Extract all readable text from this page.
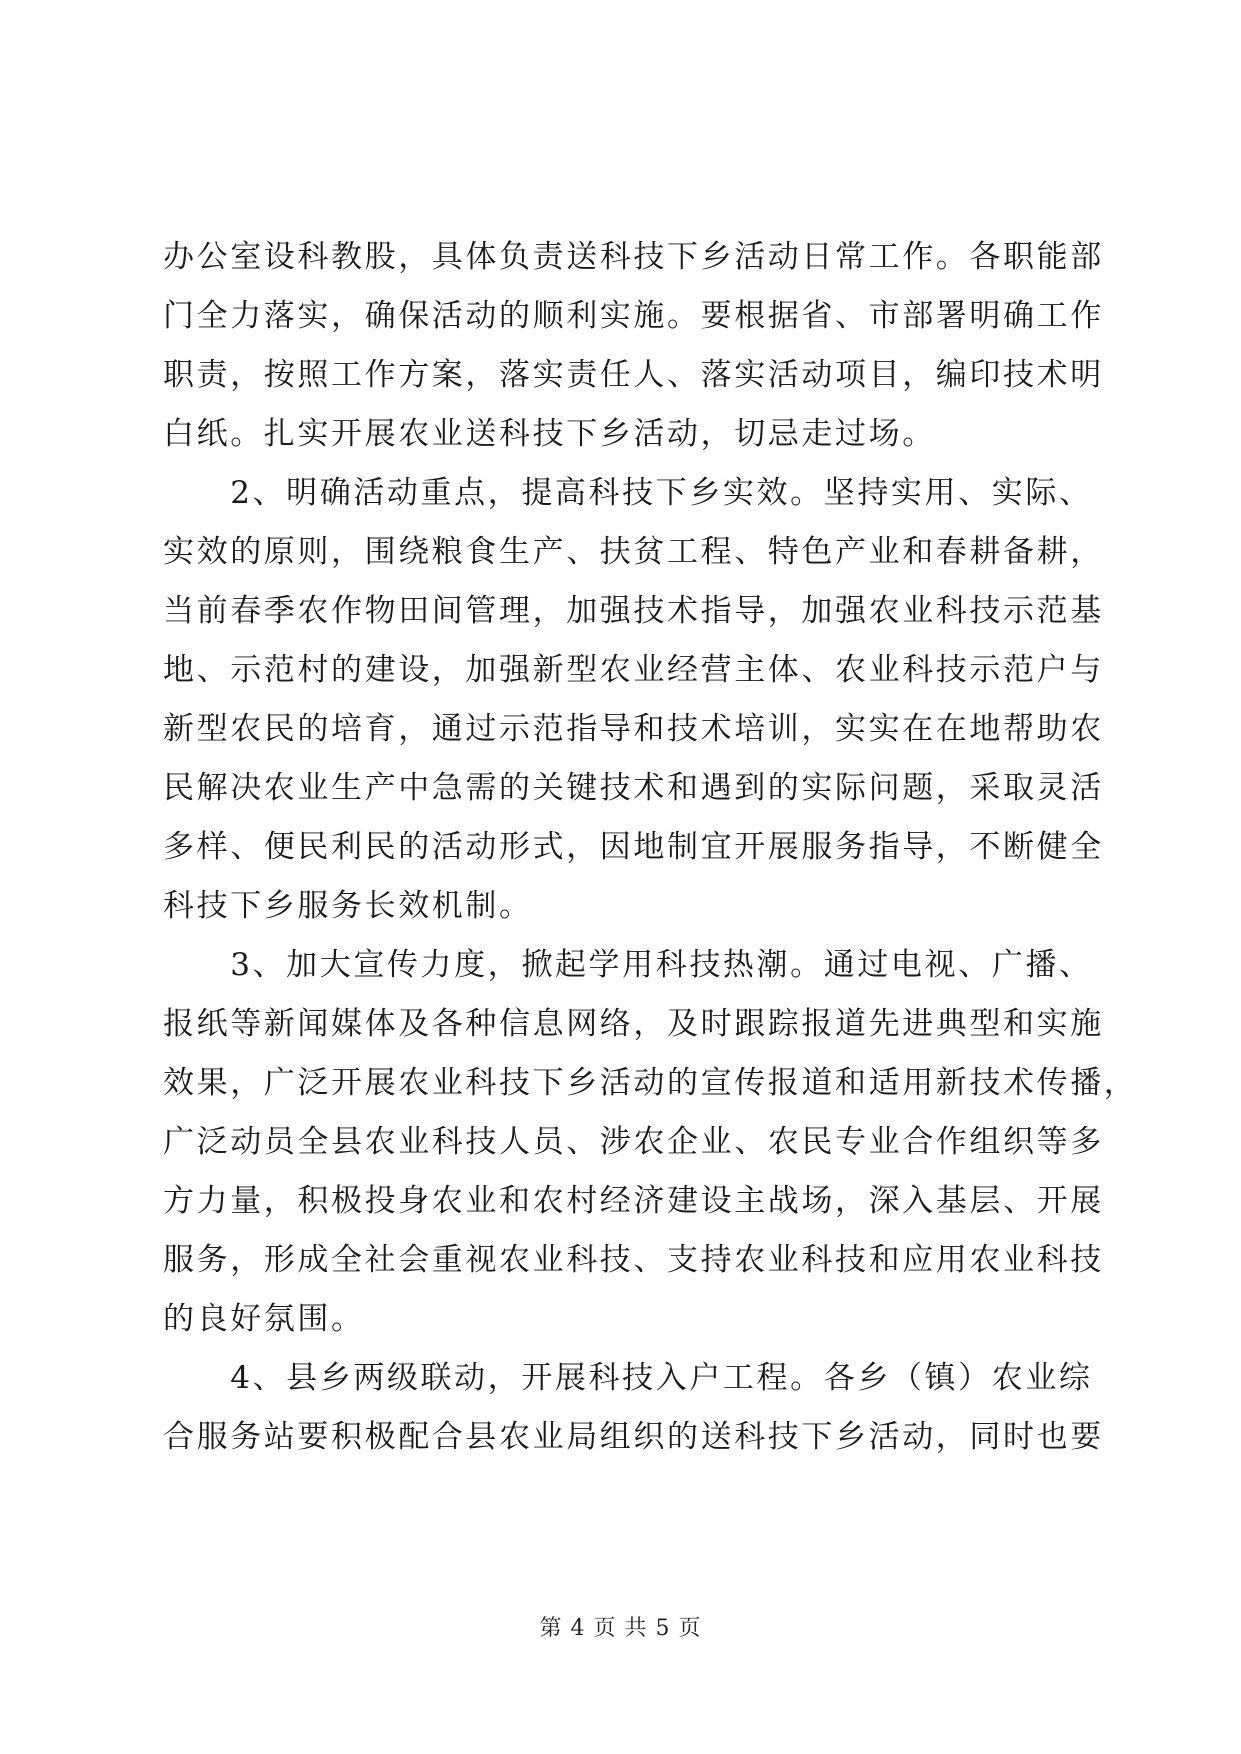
办公室设科教股，具体负责送科技下乡活动日常工作。各职能部
门全力落实，确保活动的顺利实施。要根据省、市部署明确工作
职责，按照工作方案，落实责任人、落实活动项目，编印技术明
白纸。扎实开展农业送科技下乡活动，切忌走过场。
　　2、明确活动重点，提高科技下乡实效。坚持实用、实际、
实效的原则，围绕粮食生产、扶贫工程、特色产业和春耕备耕，
当前春季农作物田间管理，加强技术指导，加强农业科技示范基
地、示范村的建设，加强新型农业经营主体、农业科技示范户与
新型农民的培育，通过示范指导和技术培训，实实在在地帮助农
民解决农业生产中急需的关键技术和遇到的实际问题，采取灵活
多样、便民利民的活动形式，因地制宜开展服务指导，不断健全
科技下乡服务长效机制。
　　3、加大宣传力度，掀起学用科技热潮。通过电视、广播、
报纸等新闻媒体及各种信息网络，及时跟踪报道先进典型和实施
效果，广泛开展农业科技下乡活动的宣传报道和适用新技术传播，
广泛动员全县农业科技人员、涉农企业、农民专业合作组织等多
方力量，积极投身农业和农村经济建设主战场，深入基层、开展
服务，形成全社会重视农业科技、支持农业科技和应用农业科技
的良好氛围。
　　4、县乡两级联动，开展科技入户工程。各乡（镇）农业综
合服务站要积极配合县农业局组织的送科技下乡活动，同时也要
第 4 页 共 5 页
